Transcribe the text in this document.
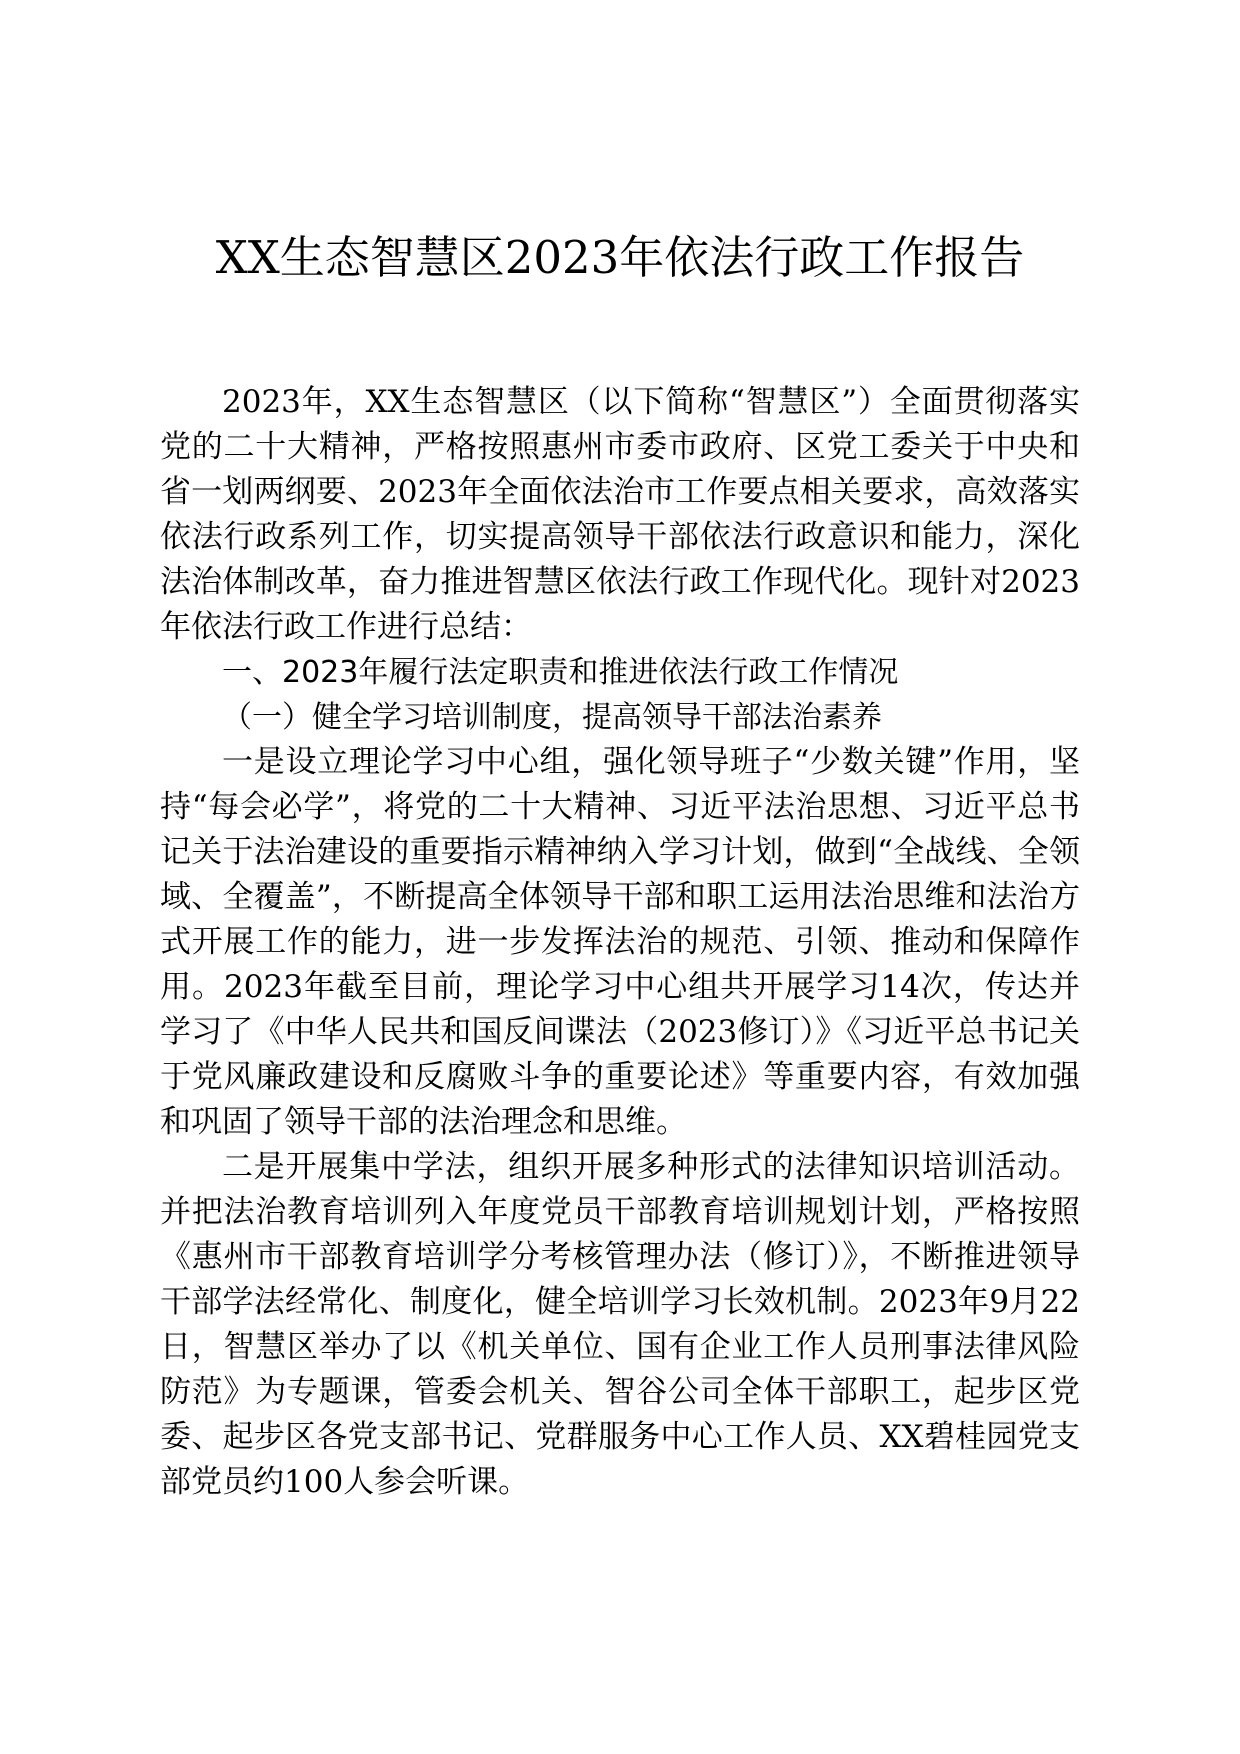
XX生态智慧区2023年依法行政工作报告

2023年，XX生态智慧区（以下简称“智慧区”）全面贯彻落实党的二十大精神，严格按照惠州市委市政府、区党工委关于中央和省一划两纲要、2023年全面依法治市工作要点相关要求，高效落实依法行政系列工作，切实提高领导干部依法行政意识和能力，深化法治体制改革，奋力推进智慧区依法行政工作现代化。现针对2023年依法行政工作进行总结：

一、2023年履行法定职责和推进依法行政工作情况

（一）健全学习培训制度，提高领导干部法治素养

一是设立理论学习中心组，强化领导班子“少数关键”作用，坚持“每会必学”，将党的二十大精神、习近平法治思想、习近平总书记关于法治建设的重要指示精神纳入学习计划，做到“全战线、全领域、全覆盖”，不断提高全体领导干部和职工运用法治思维和法治方式开展工作的能力，进一步发挥法治的规范、引领、推动和保障作用。2023年截至目前，理论学习中心组共开展学习14次，传达并学习了《中华人民共和国反间谍法（2023修订）》《习近平总书记关于党风廉政建设和反腐败斗争的重要论述》等重要内容，有效加强和巩固了领导干部的法治理念和思维。

二是开展集中学法，组织开展多种形式的法律知识培训活动。并把法治教育培训列入年度党员干部教育培训规划计划，严格按照《惠州市干部教育培训学分考核管理办法（修订）》，不断推进领导干部学法经常化、制度化，健全培训学习长效机制。2023年9月22日，智慧区举办了以《机关单位、国有企业工作人员刑事法律风险防范》为专题课，管委会机关、智谷公司全体干部职工，起步区党委、起步区各党支部书记、党群服务中心工作人员、XX碧桂园党支部党员约100人参会听课。
